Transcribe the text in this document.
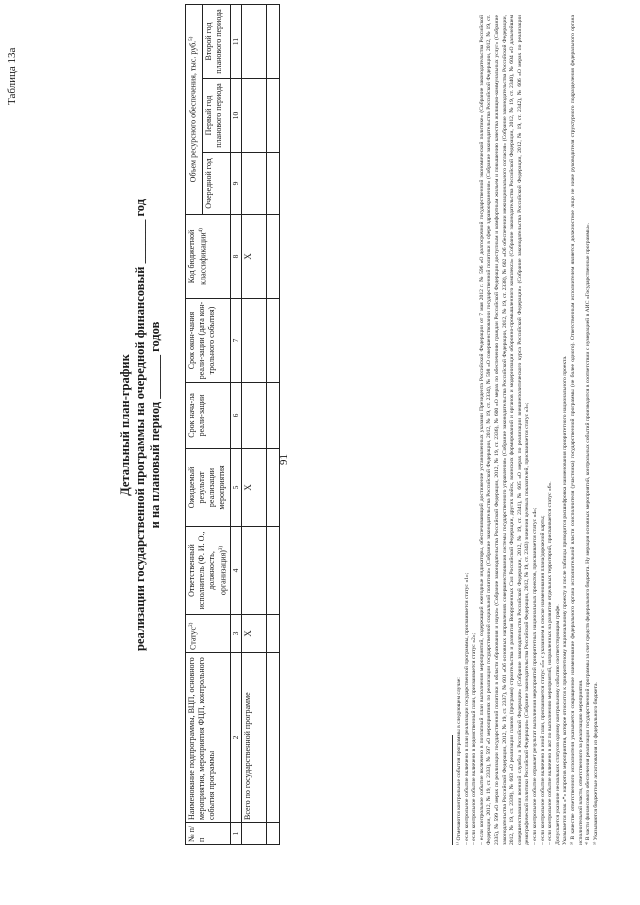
91
Таблица 13а
Детальный план-график реализации государственной программы на очередной финансовый _______ год и на плановый период _______ годов
№ п/п	Наименование подпрограммы, ВЦП, основного мероприятия, мероприятия ФЦП, контрольного события программы	Статус$^{2)}$	Ответственный исполнитель (Ф. И. О., должность, организация)$^{3)}$	Ожидаемый результат реализации мероприятия	Срок нача-ла реали-зации	Срок окон-чания реали-зации (дата кон-трольного события)	Код бюджетной классификации$^{4)}$	Объем ресурсного обеспечения, тыс. руб.$^{5)}$
								Очередной год	Первый год планового периода	Второй год планового периода
1	2	3	4	5	6	7	8	9	10	11
	Всего по государственной программе	Х		Х			Х			

¹⁾ Отмечаются контрольные события программы в следующем случае: – если контрольное событие включено в план реализации государственной программы, присваивается статус «1»; – если контрольное событие включено в ведомственный план, присваивается статус «2»; – если контрольное событие включено в поэтапный план выполнения мероприятий, содержащий ежегодные индикаторы, обеспечивающий достижение установленных указами Президента Российской Федерации от 7 мая 2012 г. № 596 «О долгосрочной государственной экономической политике» (Собрание законодательства Российской Федерации, 2012, № 19, ст. 2333), № 597 «О мероприятиях по реализации государственной социальной политики» (Собрание законодательства Российской Федерации, 2012, № 19, ст. 2334), № 598 «О совершенствовании государственной политики в сфере здравоохранения» (Собрание законодательства Российской Федерации, 2012, № 19, ст. 2335), № 599 «О мерах по реализации государственной политики в области образования и науки» (Собрание законодательства Российской Федерации, 2012, № 19, ст. 2336), № 600 «О мерах по обеспечению граждан Российской Федерации доступным и комфортным жильем и повышению качества жилищно-коммунальных услуг» (Собрание законодательства Российской Федерации, 2012, № 19, ст. 2337), № 601 «Об основных направлениях совершенствования системы государственного управления» (Собрание законодательства Российской Федерации, 2012, № 19, ст. 2338), № 602 «Об обеспечении межнационального согласия» (Собрание законодательства Российской Федерации, 2012, № 19, ст. 2339), № 603 «О реализации планов (программ) строительства и развития Вооруженных Сил Российской Федерации, других войск, воинских формирований и органов и модернизации оборонно-промышленного комплекса» (Собрание законодательства Российской Федерации, 2012, № 19, ст. 2340), № 604 «О дальнейшем совершенствовании военной службы в Российской Федерации» (Собрание законодательства Российской Федерации, 2012, № 19, ст. 2341), № 605 «О мерах по реализации внешнеполитического курса Российской Федерации» (Собрание законодательства Российской Федерации, 2012, № 19, ст. 2342), № 606 «О мерах по реализации демографической политики Российской Федерации» (Собрание законодательства Российской Федерации, 2012, № 19, ст. 2343) значения целевых показателей, присваивается статус «3»; – если контрольное событие отражает результат выполнения мероприятий приоритетных национальных проектов, присваивается статус «4»; – если контрольное событие включено в иной план, присваивается статус «5» с указанием в сноске наименования плана/дорожной карты; – если контрольное событие включено в акт по выполнению мероприятий, направленных на развитие отдельных территорий, присваивается статус «6». Допускается указание нескольких статусов одному контрольному событию соответствующим графе. Указывается знак «*» напротив мероприятия, которое относится к приоритетному национальному проекту и после таблицы приводится расшифровка наименования приоритетного национального проекта. ³⁾ В качестве ответственного исполнителя указывается сокращенное наименование федерального органа исполнительной власти соисполнителя (участника) государственной программы (не более одного). Ответственным исполнителем является должностное лицо не ниже руководителя структурного подразделения федерального органа исполнительной власти, ответственного за реализацию мероприятия. ⁴⁾ В части финансового обеспечения реализации государственной программы за счет средств федерального бюджета. Ну мерация основных мероприятий, контрольных событий производится в соответствии с нумерацией в АИС «Государственные программы». ⁵⁾ Указываются бюджетные ассигнования из федерального бюджета.
